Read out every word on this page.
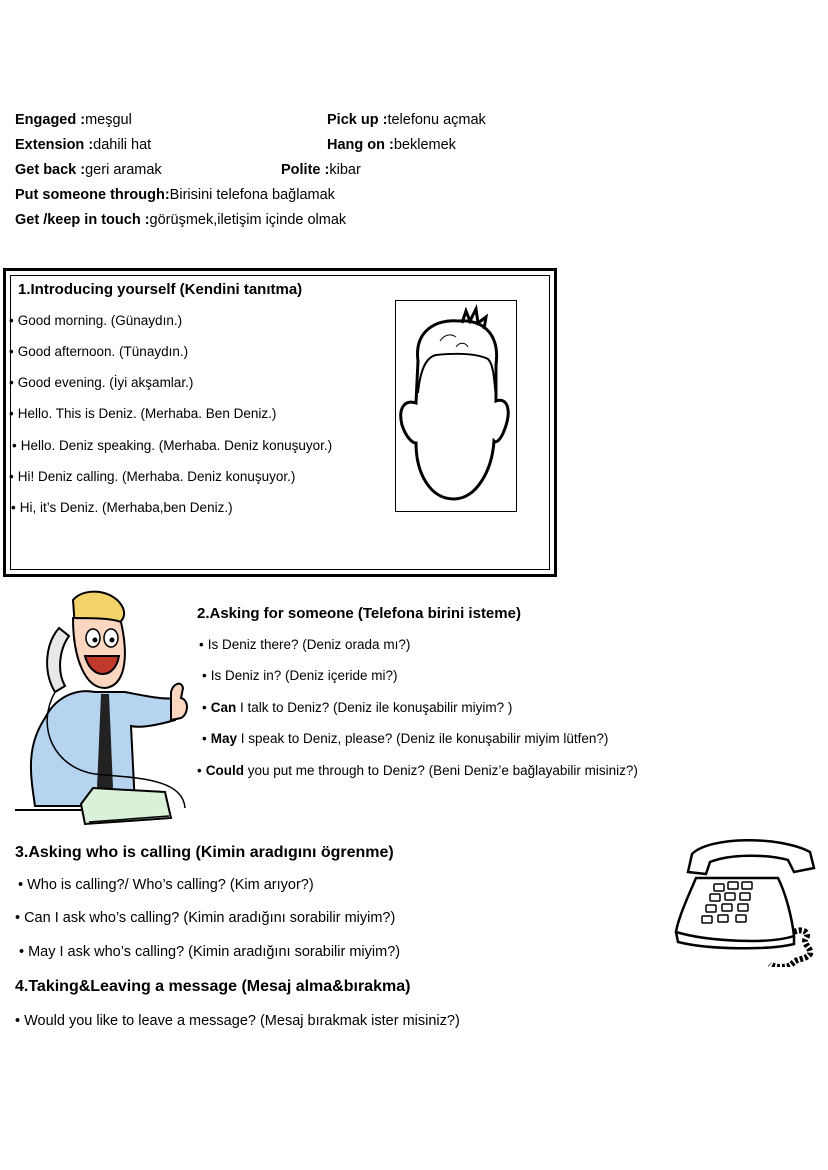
Engaged :meşgul	Pick up :telefonu açmak
Extension :dahili hat	Hang on :beklemek
Get back :geri aramak	Polite :kibar
Put someone through:Birisini telefona bağlamak
Get /keep in touch :görüşmek,iletişim içinde olmak
1.Introducing yourself (Kendini tanıtma)
• Good morning. (Günaydın.)
• Good afternoon. (Tünaydın.)
• Good evening. (İyi akşamlar.)
• Hello. This is Deniz. (Merhaba. Ben Deniz.)
• Hello. Deniz speaking. (Merhaba. Deniz konuşuyor.)
• Hi! Deniz calling. (Merhaba. Deniz konuşuyor.)
• Hi, it’s Deniz. (Merhaba,ben Deniz.)
2.Asking for someone (Telefona birini isteme)
• Is Deniz there? (Deniz orada mı?)
• Is Deniz in? (Deniz içeride mi?)
• Can I talk to Deniz? (Deniz ile konuşabilir miyim? )
• May I speak to Deniz, please? (Deniz ile konuşabilir miyim lütfen?)
• Could you put me through to Deniz? (Beni Deniz’e bağlayabilir misiniz?)
3.Asking who is calling (Kimin aradıgını ögrenme)
• Who is calling?/ Who’s calling? (Kim arıyor?)
• Can I ask who’s calling? (Kimin aradığını sorabilir miyim?)
• May I ask who’s calling? (Kimin aradığını sorabilir miyim?)
4.Taking&Leaving a message (Mesaj alma&bırakma)
• Would you like to leave a message? (Mesaj bırakmak ister misiniz?)
